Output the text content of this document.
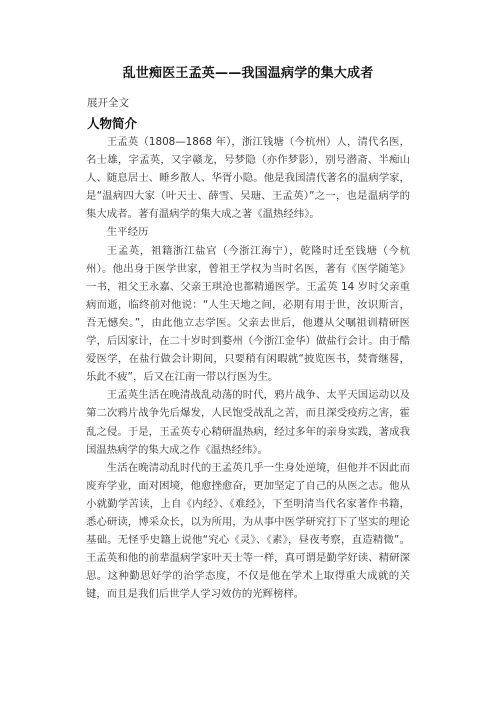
乱世痴医王孟英——我国温病学的集大成者
展开全文
人物简介

王孟英（1808—1868 年），浙江钱塘（今杭州）人，清代名医，名士雄，字孟英，又字赣龙，号梦隐（亦作梦影），别号潜斋、半痴山人、随息居士、睡乡散人、华胥小隐。他是我国清代著名的温病学家，是“温病四大家（叶天士、薛雪、吴瑭、王孟英）”之一，也是温病学的集大成者。著有温病学的集大成之著《温热经纬》。

生平经历

王孟英，祖籍浙江盐官（今浙江海宁），乾隆时迁至钱塘（今杭州）。他出身于医学世家，曾祖王学权为当时名医，著有《医学随笔》一书，祖父王永嘉、父亲王琪沧也都精通医学。王孟英 14 岁时父亲重病而逝，临终前对他说：“人生天地之间，必期有用于世，汝识斯言，吾无憾矣。”，由此他立志学医。父亲去世后，他遵从父嘱祖训精研医学，后因家计，在二十岁时到婺州（今浙江金华）做盐行会计。由于酷爱医学，在盐行做会计期间，只要稍有闲暇就“披览医书，焚膏继晷，乐此不疲”，后又在江南一带以行医为生。

王孟英生活在晚清战乱动荡的时代，鸦片战争、太平天国运动以及第二次鸦片战争先后爆发，人民饱受战乱之苦，而且深受疫疠之害，霍乱之侵。于是，王孟英专心精研温热病，经过多年的亲身实践，著成我国温热病学的集大成之作《温热经纬》。

生活在晚清动乱时代的王孟英几乎一生身处逆境，但他并不因此而废弃学业，面对困境，他愈挫愈奋，更加坚定了自己的从医之志。他从小就勤学苦读，上自《内经》、《难经》，下至明清当代名家著作书籍，悉心研读，博采众长，以为所用，为从事中医学研究打下了坚实的理论基础。无怪乎史籍上说他“究心《灵》、《素》，昼夜考察，直造精微”。王孟英和他的前辈温病学家叶天士等一样，真可谓是勤学好读、精研深思。这种勤思好学的治学态度，不仅是他在学术上取得重大成就的关键，而且是我们后世学人学习效仿的光辉榜样。
